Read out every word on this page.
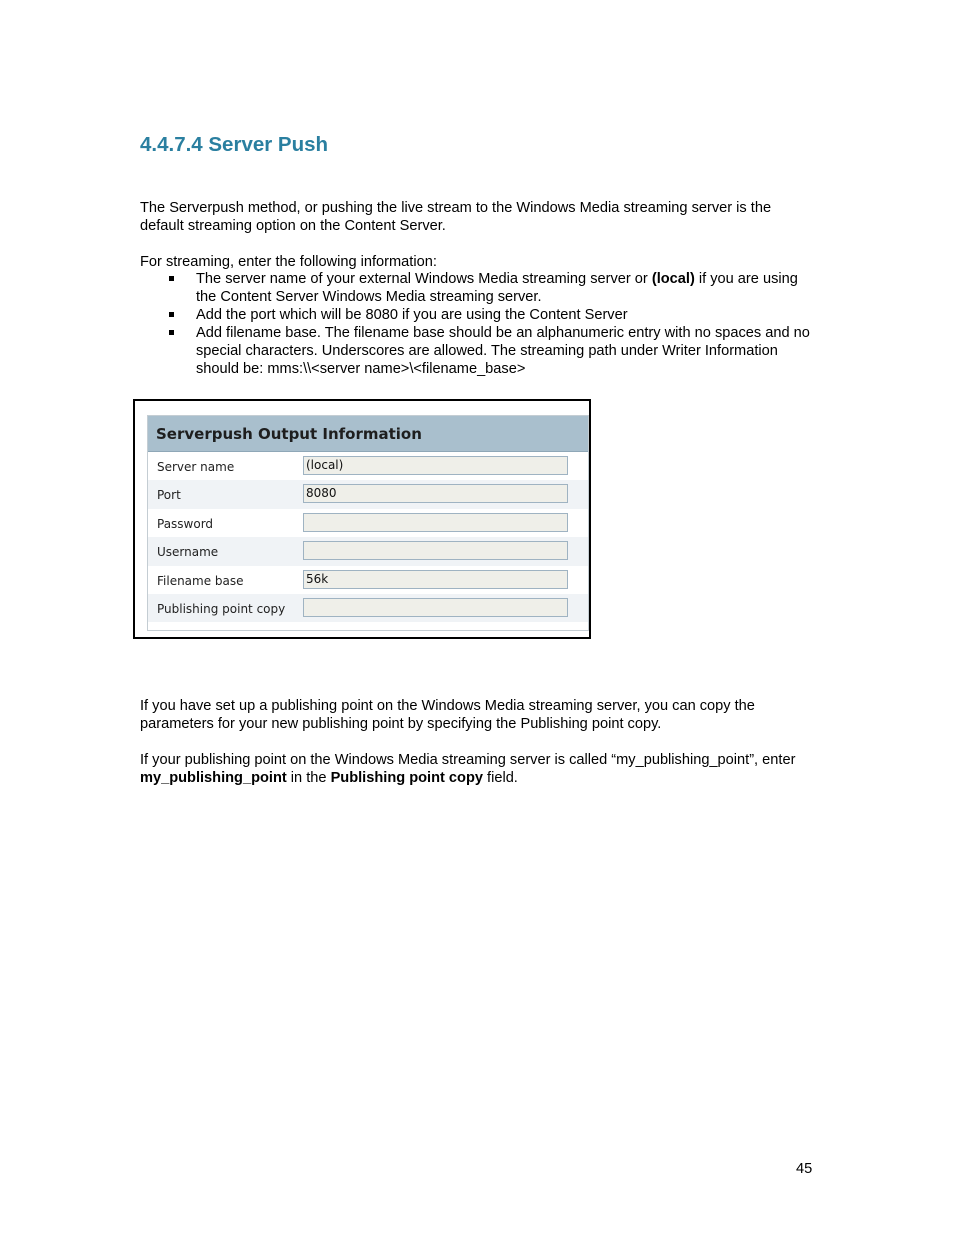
4.4.7.4 Server Push

The Serverpush method, or pushing the live stream to the Windows Media streaming server is the default streaming option on the Content Server.

For streaming, enter the following information:

The server name of your external Windows Media streaming server or (local) if you are using the Content Server Windows Media streaming server.
Add the port which will be 8080 if you are using the Content Server
Add filename base. The filename base should be an alphanumeric entry with no spaces and no special characters. Underscores are allowed. The streaming path under Writer Information should be: mms:\\<server name>\<filename_base>
Serverpush Output Information
Server name	(local)
Port	8080
Password
Username
Filename base	56k
Publishing point copy

If you have set up a publishing point on the Windows Media streaming server, you can copy the parameters for your new publishing point by specifying the Publishing point copy.

If your publishing point on the Windows Media streaming server is called “my_publishing_point”, enter my_publishing_point in the Publishing point copy field.

45
